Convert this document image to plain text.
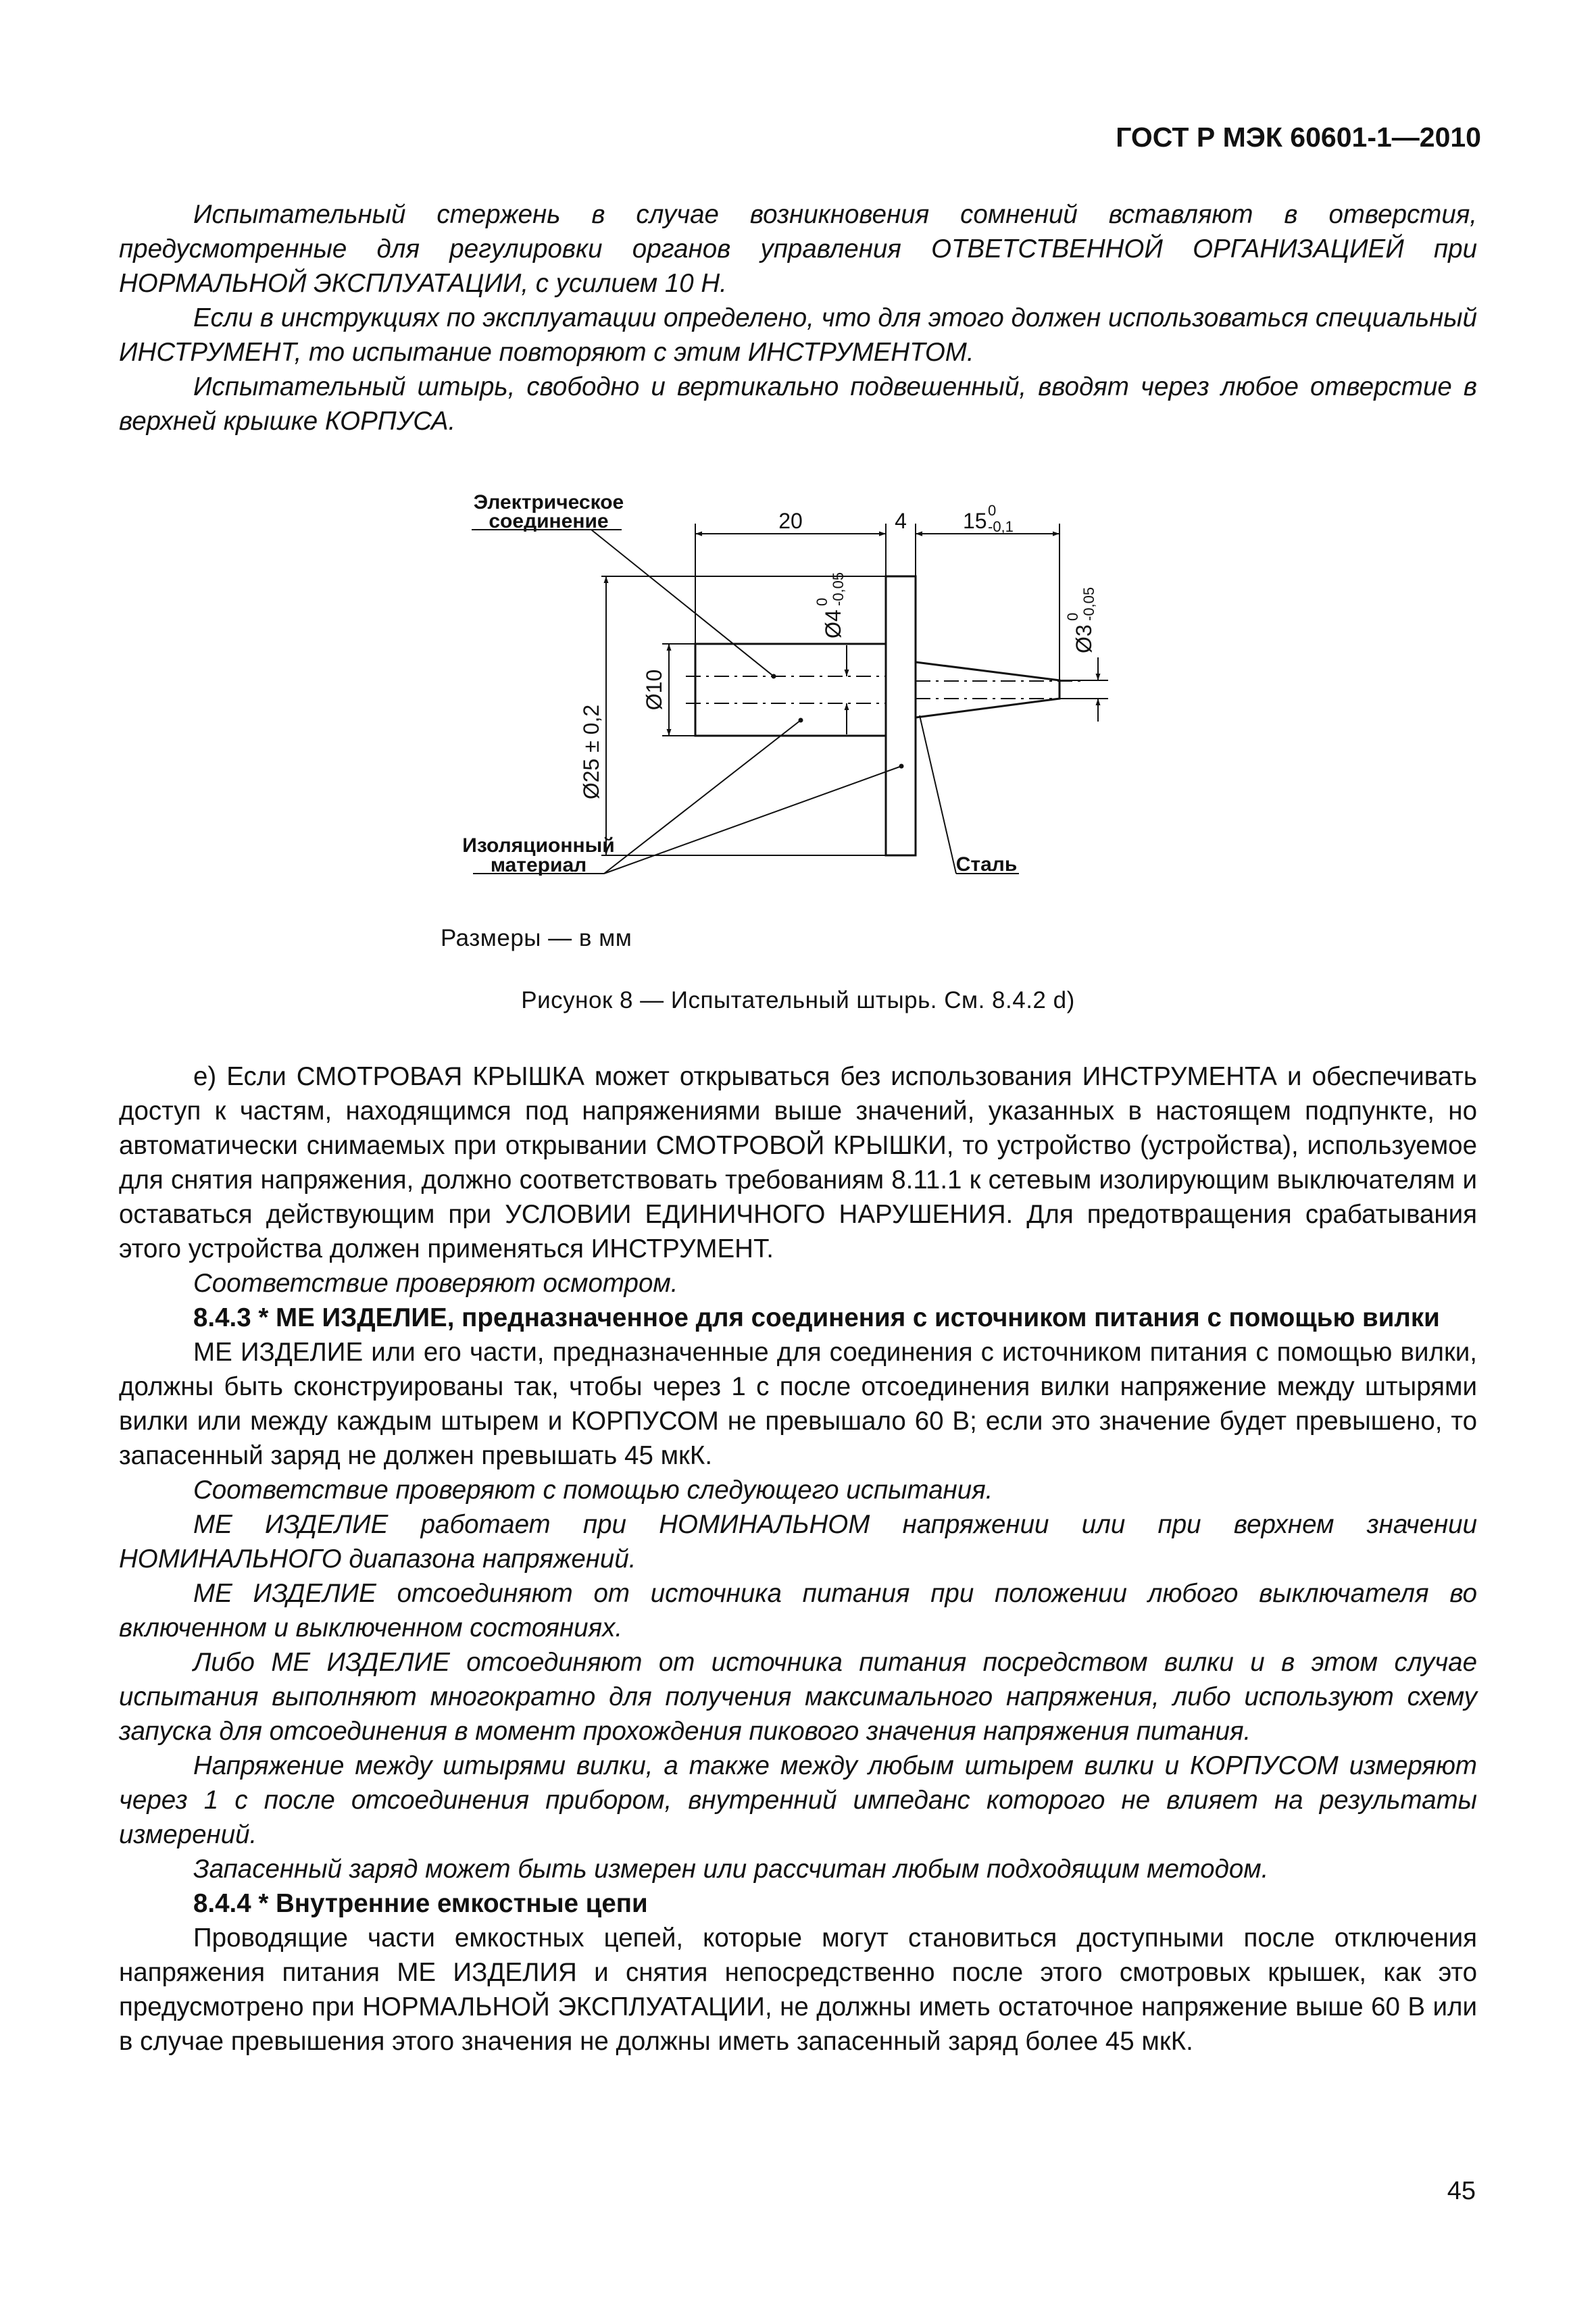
ГОСТ Р МЭК 60601-1—2010

Испытательный стержень в случае возникновения сомнений вставляют в отверстия, предусмотренные для регулировки органов управления ОТВЕТСТВЕННОЙ ОРГАНИЗАЦИЕЙ при НОРМАЛЬНОЙ ЭКСПЛУАТАЦИИ, с усилием 10 Н.

Если в инструкциях по эксплуатации определено, что для этого должен использоваться специальный ИНСТРУМЕНТ, то испытание повторяют с этим ИНСТРУМЕНТОМ.

Испытательный штырь, свободно и вертикально подвешенный, вводят через любое отверстие в верхней крышке КОРПУСА.

Электрическое
соединение
Изоляционный
материал	Сталь
20	4	15 0
-0,1
Ø4
0 -0,05
Ø3
0 -0,05
Ø25 ± 0,2
Ø10
Размеры — в мм
Рисунок 8 — Испытательный штырь. См. 8.4.2 d)

e) Если СМОТРОВАЯ КРЫШКА может открываться без использования ИНСТРУМЕНТА и обеспечивать доступ к частям, находящимся под напряжениями выше значений, указанных в настоящем подпункте, но автоматически снимаемых при открывании СМОТРОВОЙ КРЫШКИ, то устройство (устройства), используемое для снятия напряжения, должно соответствовать требованиям 8.11.1 к сетевым изолирующим выключателям и оставаться действующим при УСЛОВИИ ЕДИНИЧНОГО НАРУШЕНИЯ. Для предотвращения срабатывания этого устройства должен применяться ИНСТРУМЕНТ.

Соответствие проверяют осмотром.

8.4.3 * МЕ ИЗДЕЛИЕ, предназначенное для соединения с источником питания с помощью вилки

МЕ ИЗДЕЛИЕ или его части, предназначенные для соединения с источником питания с помощью вилки, должны быть сконструированы так, чтобы через 1 с после отсоединения вилки напряжение между штырями вилки или между каждым штырем и КОРПУСОМ не превышало 60 В; если это значение будет превышено, то запасенный заряд не должен превышать 45 мкК.

Соответствие проверяют с помощью следующего испытания.

МЕ ИЗДЕЛИЕ работает при НОМИНАЛЬНОМ напряжении или при верхнем значении НОМИНАЛЬНОГО диапазона напряжений.

МЕ ИЗДЕЛИЕ отсоединяют от источника питания при положении любого выключателя во включенном и выключенном состояниях.

Либо МЕ ИЗДЕЛИЕ отсоединяют от источника питания посредством вилки и в этом случае испытания выполняют многократно для получения максимального напряжения, либо используют схему запуска для отсоединения в момент прохождения пикового значения напряжения питания.

Напряжение между штырями вилки, а также между любым штырем вилки и КОРПУСОМ измеряют через 1 с после отсоединения прибором, внутренний импеданс которого не влияет на результаты измерений.

Запасенный заряд может быть измерен или рассчитан любым подходящим методом.

8.4.4 * Внутренние емкостные цепи

Проводящие части емкостных цепей, которые могут становиться доступными после отключения напряжения питания МЕ ИЗДЕЛИЯ и снятия непосредственно после этого смотровых крышек, как это предусмотрено при НОРМАЛЬНОЙ ЭКСПЛУАТАЦИИ, не должны иметь остаточное напряжение выше 60 В или в случае превышения этого значения не должны иметь запасенный заряд более 45 мкК.

45
